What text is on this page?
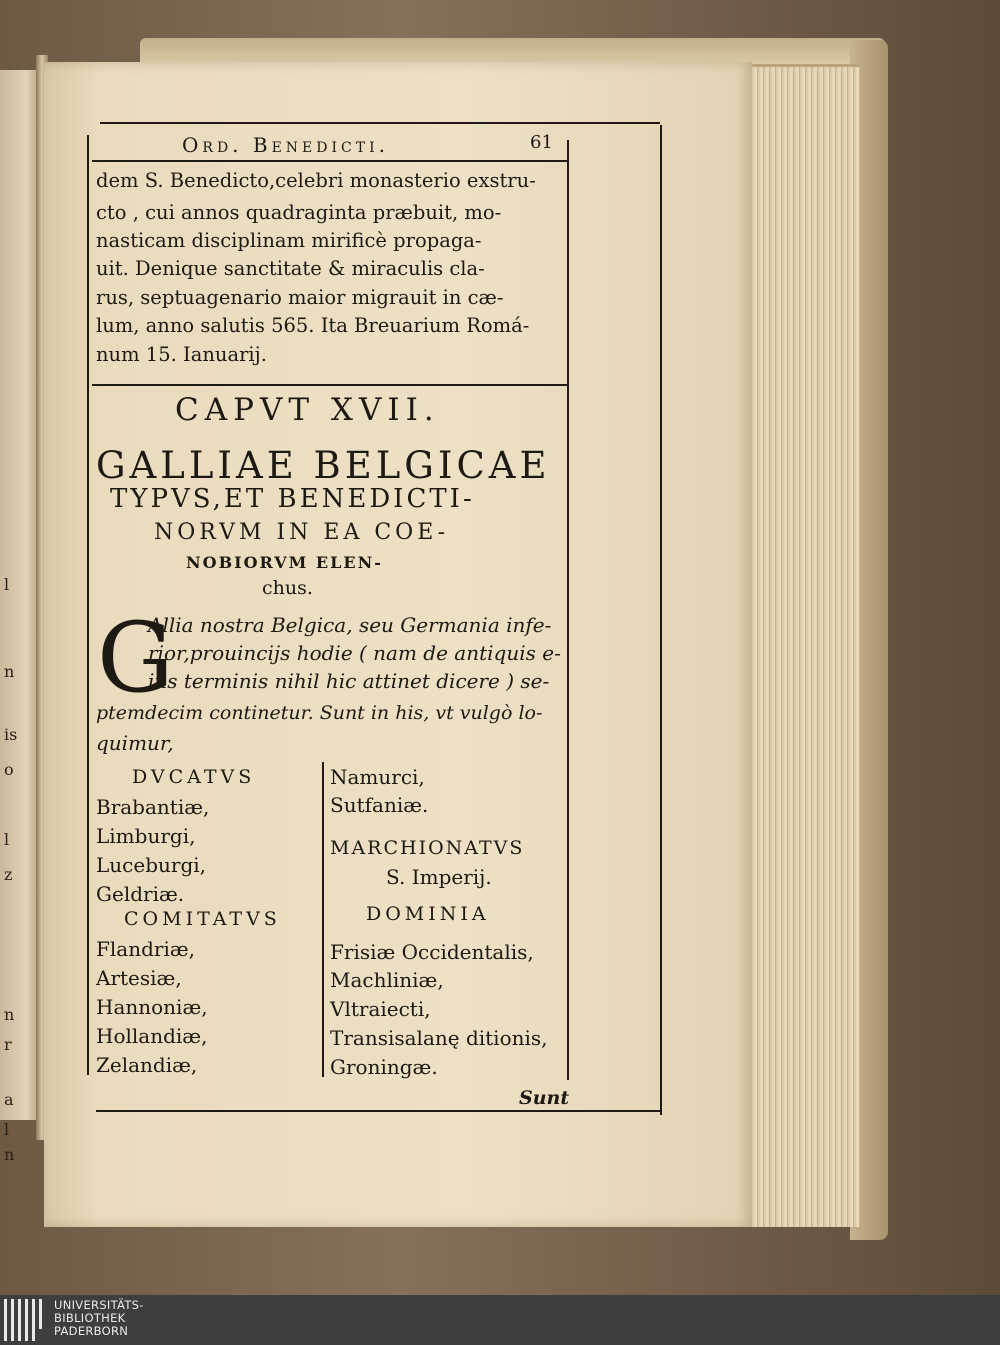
l
n
is
o
l
z
n
r
a
l
n
Ord. Benedicti.	61
dem S. Benedicto,celebri monasterio exstru-
cto , cui annos quadraginta præbuit, mo-
nasticam disciplinam mirificè propaga-
uit. Denique sanctitate & miraculis cla-
rus, septuagenario maior migrauit in cæ-
lum, anno salutis 565. Ita Breuarium Romá-
num 15. Ianuarij.
CAPVT XVII.
GALLIAE BELGICAE
TYPVS,ET BENEDICTI-
NORVM IN EA COE-
NOBIORVM ELEN-
chus.
G
Allia nostra Belgica, seu Germania infe-
rior,prouincijs hodie ( nam de antiquis e-
ius terminis nihil hic attinet dicere ) se-
ptemdecim continetur. Sunt in his, vt vulgò lo-
quimur,
DVCATVS
Brabantiæ,
Limburgi,
Luceburgi,
Geldriæ.
COMITATVS
Flandriæ,
Artesiæ,
Hannoniæ,
Hollandiæ,
Zelandiæ,
Namurci,
Sutfaniæ.
MARCHIONATVS
S. Imperij.
DOMINIA
Frisiæ Occidentalis,
Machliniæ,
Vltraiecti,
Transisalanę ditionis,
Groningæ.
Sunt
UNIVERSITÄTS-
BIBLIOTHEK
PADERBORN
